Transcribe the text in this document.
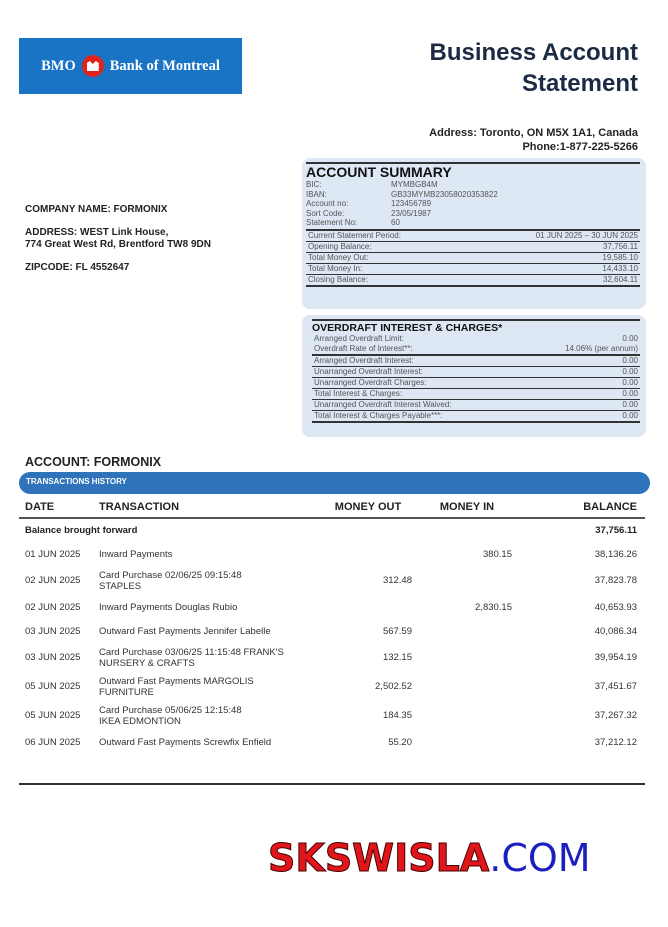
BMO Bank of Montreal	Business Account
Statement
Address: Toronto, ON M5X 1A1, Canada
Phone:1-877-225-5266
COMPANY NAME: FORMONIX
ADDRESS: WEST Link House,
774 Great West Rd, Brentford TW8 9DN
ZIPCODE: FL 4552647
ACCOUNT SUMMARY
BIC:	MYMBGB4M
IBAN:	GB33MYMB23058020353822
Account no:	123456789
Sort Code:	23/05/1987
Statement No:	60
Current Statement Period:	01 JUN 2025 – 30 JUN 2025
Opening Balance:	37,756.11
Total Money Out:	19,585.10
Total Money In:	14,433.10
Closing Balance:	32,604.11
OVERDRAFT INTEREST & CHARGES*
Arranged Overdraft Limit:	0.00
Overdraft Rate of Interest**:	14.06% (per annum)
Arranged Overdraft Interest:	0.00
Unarranged Overdraft Interest:	0.00
Unarranged Overdraft Charges:	0.00
Total Interest & Charges:	0.00
Unarranged Overdraft Interest Waived:	0.00
Total Interest & Charges Payable***:	0.00
ACCOUNT: FORMONIX
TRANSACTIONS HISTORY
DATE	TRANSACTION	MONEY OUT	MONEY IN	BALANCE
Balance brought forward				37,756.11
01 JUN 2025	Inward Payments		380.15	38,136.26
02 JUN 2025	Card Purchase 02/06/25 09:15:48
STAPLES	312.48		37,823.78
02 JUN 2025	Inward Payments Douglas Rubio		2,830.15	40,653.93
03 JUN 2025	Outward Fast Payments Jennifer Labelle	567.59		40,086.34
03 JUN 2025	Card Purchase 03/06/25 11:15:48 FRANK'S
NURSERY & CRAFTS	132.15		39,954.19
05 JUN 2025	Outward Fast Payments MARGOLIS
FURNITURE	2,502.52		37,451.67
05 JUN 2025	Card Purchase 05/06/25 12:15:48
IKEA EDMONTION	184.35		37,267.32
06 JUN 2025	Outward Fast Payments Screwfix Enfield	55.20		37,212.12
SKSWISLA.COM
